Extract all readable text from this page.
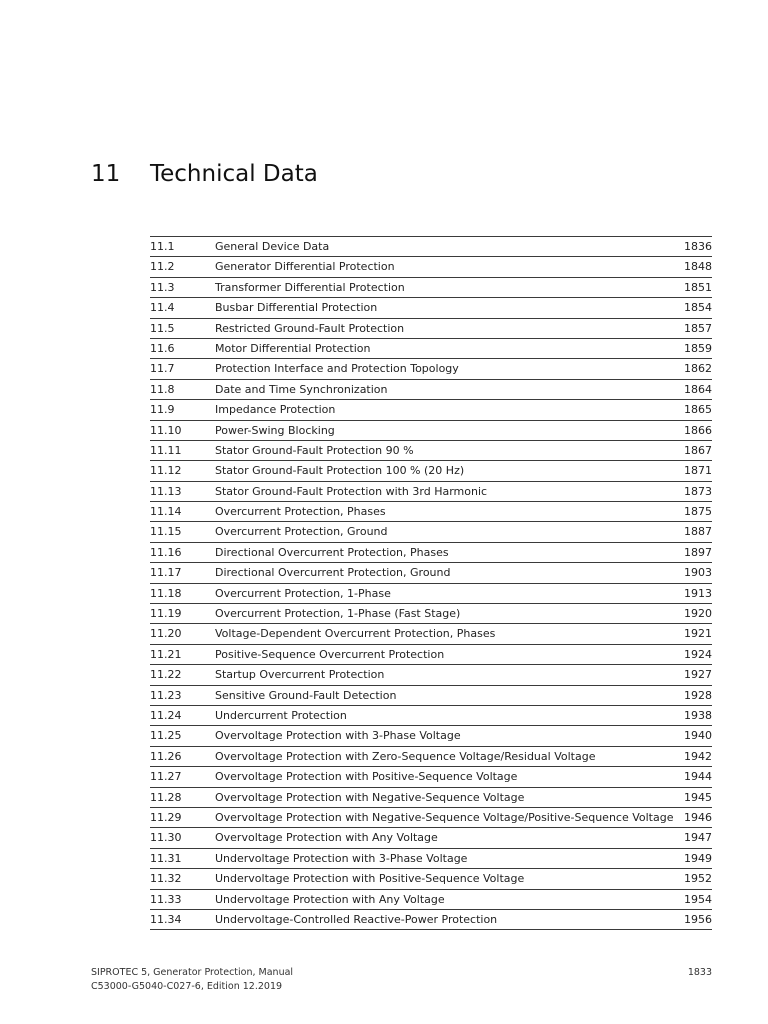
11 Technical Data
11.1	General Device Data	1836
11.2	Generator Differential Protection	1848
11.3	Transformer Differential Protection	1851
11.4	Busbar Differential Protection	1854
11.5	Restricted Ground-Fault Protection	1857
11.6	Motor Differential Protection	1859
11.7	Protection Interface and Protection Topology	1862
11.8	Date and Time Synchronization	1864
11.9	Impedance Protection	1865
11.10	Power-Swing Blocking	1866
11.11	Stator Ground-Fault Protection 90 %	1867
11.12	Stator Ground-Fault Protection 100 % (20 Hz)	1871
11.13	Stator Ground-Fault Protection with 3rd Harmonic	1873
11.14	Overcurrent Protection, Phases	1875
11.15	Overcurrent Protection, Ground	1887
11.16	Directional Overcurrent Protection, Phases	1897
11.17	Directional Overcurrent Protection, Ground	1903
11.18	Overcurrent Protection, 1-Phase	1913
11.19	Overcurrent Protection, 1-Phase (Fast Stage)	1920
11.20	Voltage-Dependent Overcurrent Protection, Phases	1921
11.21	Positive-Sequence Overcurrent Protection	1924
11.22	Startup Overcurrent Protection	1927
11.23	Sensitive Ground-Fault Detection	1928
11.24	Undercurrent Protection	1938
11.25	Overvoltage Protection with 3-Phase Voltage	1940
11.26	Overvoltage Protection with Zero-Sequence Voltage/Residual Voltage	1942
11.27	Overvoltage Protection with Positive-Sequence Voltage	1944
11.28	Overvoltage Protection with Negative-Sequence Voltage	1945
11.29	Overvoltage Protection with Negative-Sequence Voltage/Positive-Sequence Voltage 1946
11.30	Overvoltage Protection with Any Voltage	1947
11.31	Undervoltage Protection with 3-Phase Voltage	1949
11.32	Undervoltage Protection with Positive-Sequence Voltage	1952
11.33	Undervoltage Protection with Any Voltage	1954
11.34	Undervoltage-Controlled Reactive-Power Protection	1956
SIPROTEC 5, Generator Protection, Manual
C53000-G5040-C027-6, Edition 12.2019
1833
